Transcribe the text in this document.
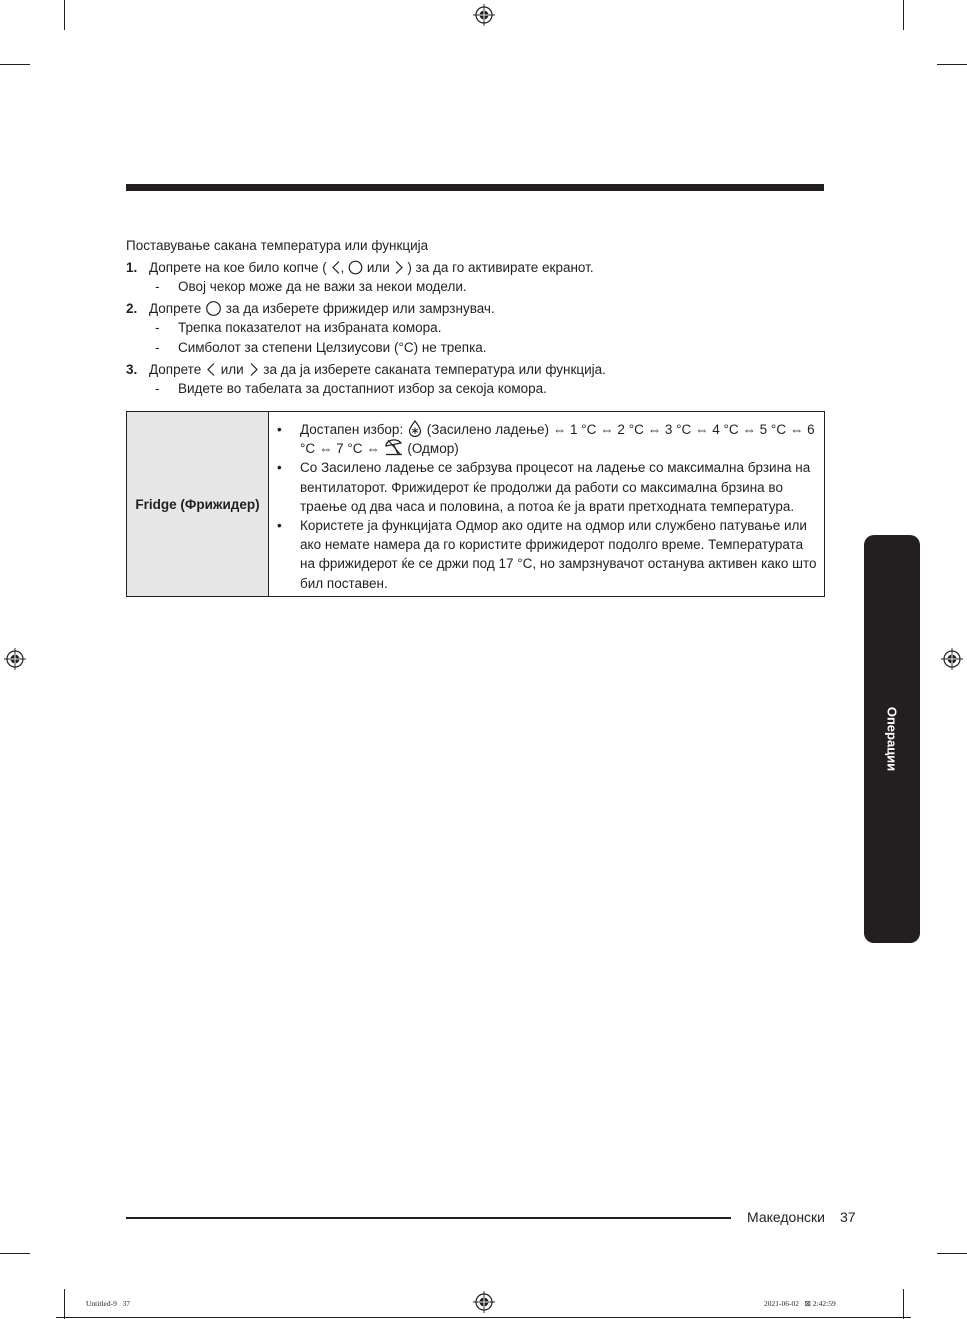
Поставување сакана температура или функција
1. Допрете на кое било копче ( , или ) за да го активирате екранот.
- Овој чекор може да не важи за некои модели.
2. Допрете за да изберете фрижидер или замрзнувач.
- Трепка показателот на избраната комора.
- Симболот за степени Целзиусови (°C) не трепка.
3. Допрете или за да ја изберете саканата температура или функција.
- Видете во табелата за достапниот избор за секоја комора.
Fridge (Фрижидер)
• Достапен избор: (Засилено ладење) ⇔ 1 °C ⇔ 2 °C ⇔ 3 °C ⇔ 4 °C ⇔ 5 °C ⇔ 6 °C ⇔ 7 °C ⇔ (Одмор)
• Со Засилено ладење се забрзува процесот на ладење со максимална брзина на вентилаторот. Фрижидерот ќе продолжи да работи со максимална брзина во траење од два часа и половина, а потоа ќе ја врати претходната температура.
• Користете ја функцијата Одмор ако одите на одмор или службено патување или ако немате намера да го користите фрижидерот подолго време. Температурата на фрижидерот ќе се држи под 17 °C, но замрзнувачот останува активен како што бил поставен.
Операции
Македонски 37
Untitled-9   37	2021-06-02   ⊠ 2:42:59
